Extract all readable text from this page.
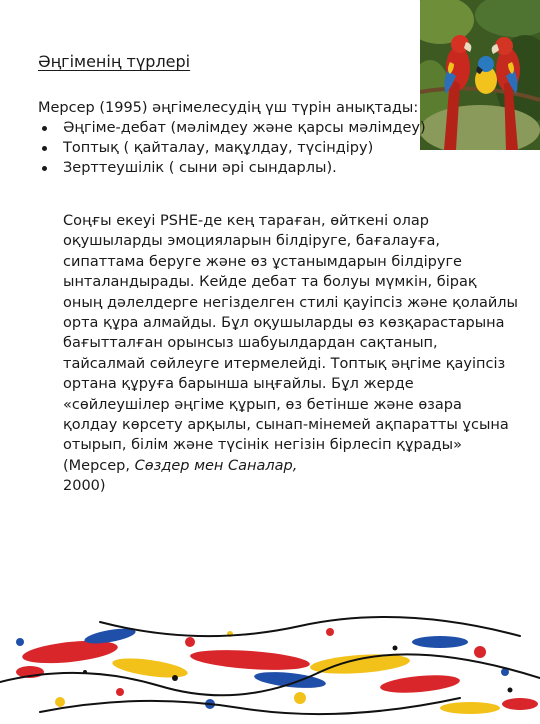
Әңгіменің түрлері

Мерсер (1995) әңгімелесудің үш түрін анықтады:

Әңгіме-дебат (мәлімдеу және қарсы мәлімдеу)
Топтық ( қайталау, мақұлдау, түсіндіру)
Зерттеушілік ( сыни әрі сындарлы).

Соңғы екеуі PSHE-де кең тараған, өйткені олар оқушыларды эмоцияларын білдіруге, бағалауға, сипаттама беруге және өз ұстанымдарын білдіруге ынталандырады. Кейде дебат та болуы мүмкін, бірақ оның дәлелдерге негізделген стилі қауіпсіз және қолайлы орта құра алмайды. Бұл оқушыларды өз көзқарастарына бағытталған орынсыз шабуылдардан сақтанып, тайсалмай сөйлеуге итермелейді. Топтық әңгіме қауіпсіз ортана құруға барынша ыңғайлы. Бұл жерде «сөйлеушілер әңгіме құрып, өз бетінше және өзара қолдау көрсету арқылы, сынап-мінемей ақпаратты ұсына отырып, білім және түсінік негізін бірлесіп құрады» (Мерсер, Сөздер мен Саналар,
2000)
